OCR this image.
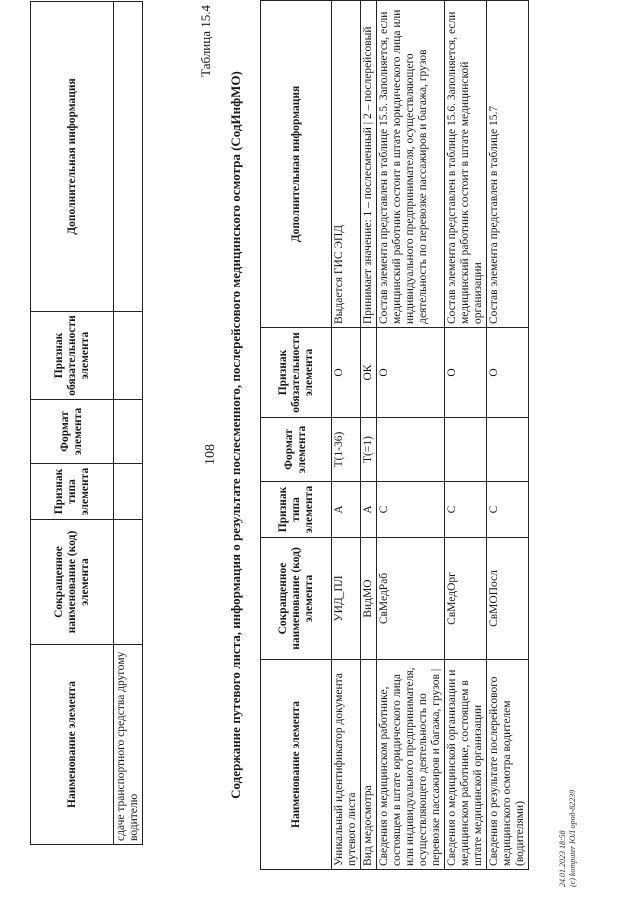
Наименование элемента	Сокращенное наименование (код) элемента	Признак типа элемента	Формат элемента	Признак обязательности элемента	Дополнительная информация
сдаче транспортного средства другому водителю					
108
Таблица 15.4
Содержание путевого листа, информация о результате послесменного, послерейсового медицинского осмотра (СодИнфМО)	Наименование элемента	Сокращенное наименование (код) элемента	Признак типа элемента	Формат элемента	Признак обязательности элемента	Дополнительная информация
Уникальный идентификатор документа путевого листа	УИД_ПЛ	А	T(1-36)	О	Выдается ГИС ЭПД
Вид медосмотра	ВидМО	А	T(=1)	ОК	Принимает значение: 1 – послесменный | 2 – послерейсовый
Сведения о медицинском работнике, состоящем в штате юридического лица или индивидуального предпринимателя, осуществляющего деятельность по перевозке пассажиров и багажа, грузов |	СвМедРаб	С		О	Состав элемента представлен в таблице 15.5. Заполняется, если медицинский работник состоит в штате юридического лица или индивидуального предпринимателя, осуществляющего деятельность по перевозке пассажиров и багажа, грузов
Сведения о медицинской организации и медицинском работнике, состоящем в штате медицинской организации	СвМедОрг	С		О	Состав элемента представлен в таблице 15.6. Заполняется, если медицинский работник состоит в штате медицинской организации
Сведения о результате послерейсового медицинского осмотра водителем (водителями)	СвМОПосл	С		О	Состав элемента представлен в таблице 15.7
24.01.2023 18:58 (c) komputer ЮЛ ород-82239
